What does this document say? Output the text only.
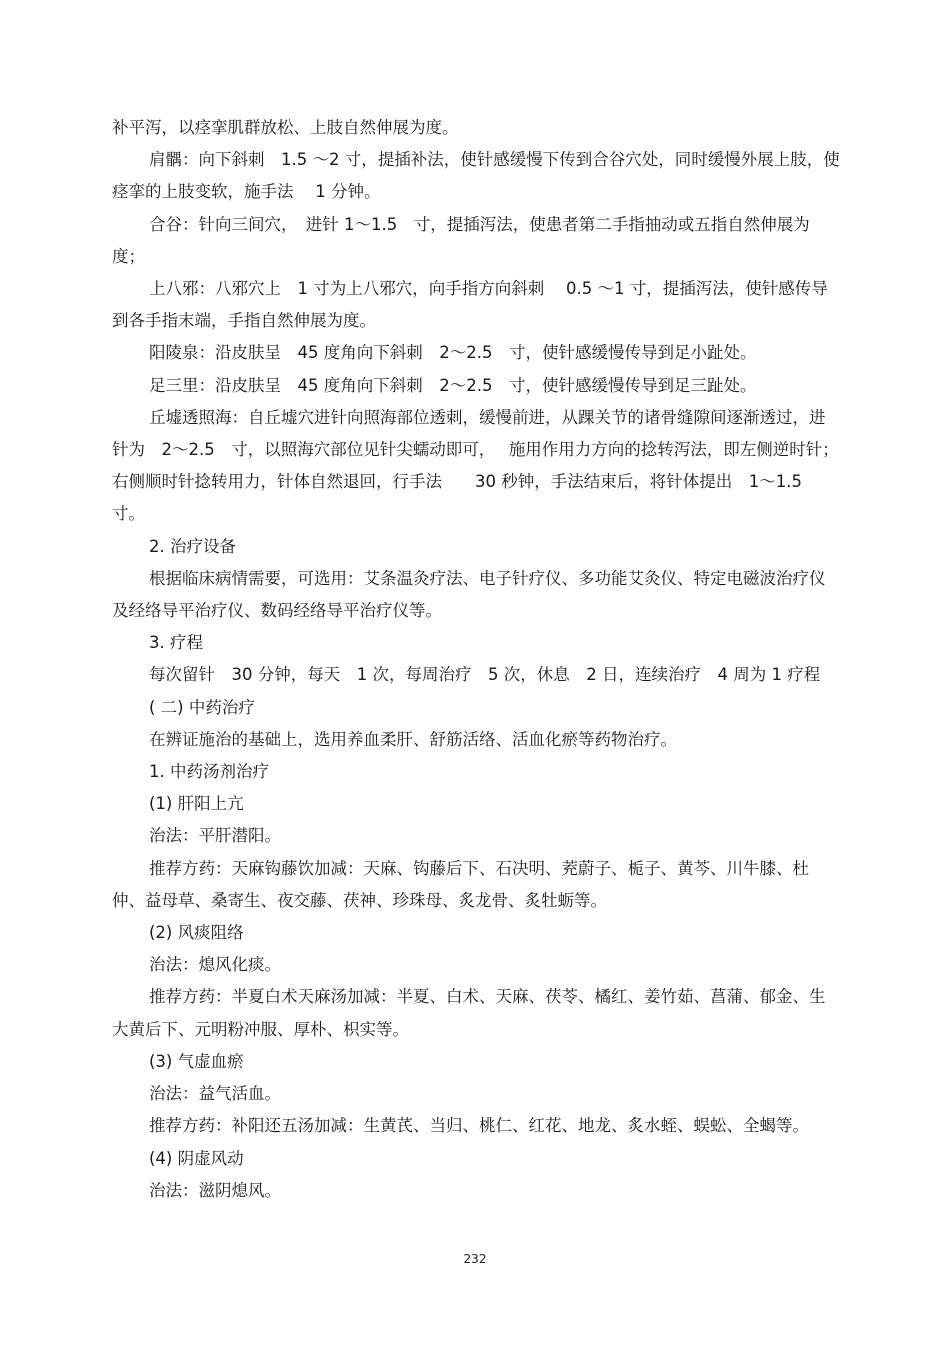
补平泻，以痉挛肌群放松、上肢自然伸展为度。

肩髃：向下斜刺　1.5 ～2 寸，提插补法，使针感缓慢下传到合谷穴处，同时缓慢外展上肢，使痉挛的上肢变软，施手法　 1 分钟。

合谷：针向三间穴，　进针 1～1.5　寸，提插泻法，使患者第二手指抽动或五指自然伸展为度；

上八邪：八邪穴上　1 寸为上八邪穴，向手指方向斜刺　 0.5 ～1 寸，提插泻法，使针感传导到各手指末端，手指自然伸展为度。

阳陵泉：沿皮肤呈　45 度角向下斜刺　2～2.5　寸，使针感缓慢传导到足小趾处。

足三里：沿皮肤呈　45 度角向下斜刺　2～2.5　寸，使针感缓慢传导到足三趾处。

丘墟透照海：自丘墟穴进针向照海部位透刺，缓慢前进，从踝关节的诸骨缝隙间逐渐透过，进针为　2～2.5　寸，以照海穴部位见针尖蠕动即可，　 施用作用力方向的捻转泻法，即左侧逆时针；右侧顺时针捻转用力，针体自然退回，行手法　　30 秒钟，手法结束后，将针体提出　1～1.5　寸。

2. 治疗设备

根据临床病情需要，可选用：艾条温灸疗法、电子针疗仪、多功能艾灸仪、特定电磁波治疗仪及经络导平治疗仪、数码经络导平治疗仪等。

3. 疗程

每次留针　30 分钟，每天　1 次，每周治疗　5 次，休息　2 日，连续治疗　4 周为 1 疗程

( 二) 中药治疗

在辨证施治的基础上，选用养血柔肝、舒筋活络、活血化瘀等药物治疗。

1. 中药汤剂治疗

(1) 肝阳上亢

治法：平肝潜阳。

推荐方药：天麻钩藤饮加减：天麻、钩藤后下、石决明、茺蔚子、栀子、黄芩、川牛膝、杜仲、益母草、桑寄生、夜交藤、茯神、珍珠母、炙龙骨、炙牡蛎等。

(2) 风痰阻络

治法：熄风化痰。

推荐方药：半夏白术天麻汤加减：半夏、白术、天麻、茯苓、橘红、姜竹茹、菖蒲、郁金、生大黄后下、元明粉冲服、厚朴、枳实等。

(3) 气虚血瘀

治法：益气活血。

推荐方药：补阳还五汤加减：生黄芪、当归、桃仁、红花、地龙、炙水蛭、蜈蚣、全蝎等。

(4) 阴虚风动

治法：滋阴熄风。

232
